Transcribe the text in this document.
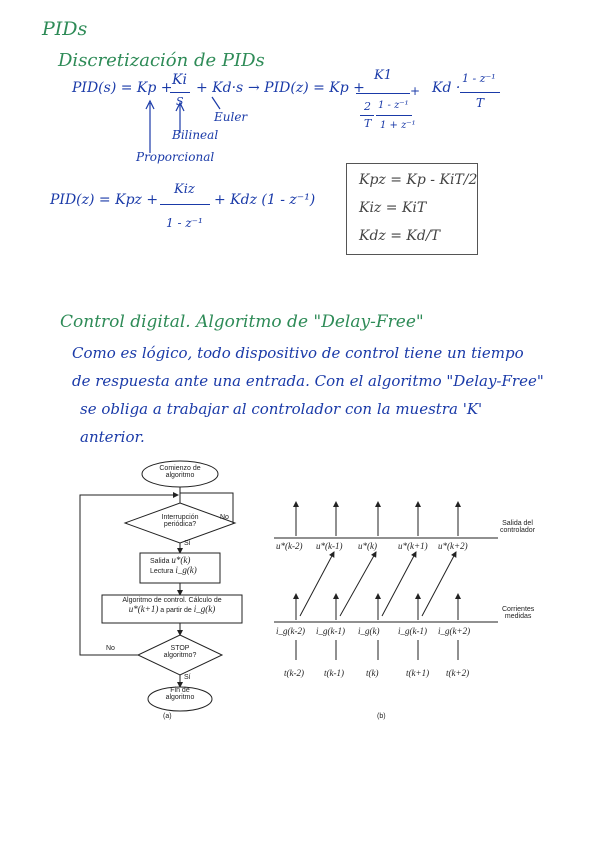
PIDs
Discretización de PIDs
PID(s) = Kp + Ki
S
+ Kd·s → PID(z) = Kp +
K1
2
T
1 - z⁻¹
1 + z⁻¹
+ Kd ·
1 - z⁻¹
T
Euler
Bilineal
Proporcional
PID(z) = Kpz +
Kiz
1 - z⁻¹
+ Kdz (1 - z⁻¹)
Kpz = Kp - KiT/2
Kiz = KiT
Kdz = Kd/T
Control digital. Algoritmo de "Delay-Free"
Como es lógico, todo dispositivo de control tiene un tiempo
de respuesta ante una entrada. Con el algoritmo "Delay-Free"
se obliga a trabajar al controlador con la muestra 'K'
anterior.
Comienzo de
algoritmo
Interrupción
periódica?
No
Sí
Salida u*(k)
Lectura i_g(k)
Algoritmo de control. Cálculo de
u*(k+1) a partir de i_g(k)
STOP
algoritmo?
No
Sí
Fin de
algoritmo
(a)
u*(k-2)
i_g(k-2)
t(k-2)
u*(k-1)
i_g(k-1)
t(k-1)
u*(k)
i_g(k)
t(k)
u*(k+1)
i_g(k-1)
t(k+1)
u*(k+2)
i_g(k+2)
t(k+2)
Salida del
controlador
Corrientes
medidas
(b)
